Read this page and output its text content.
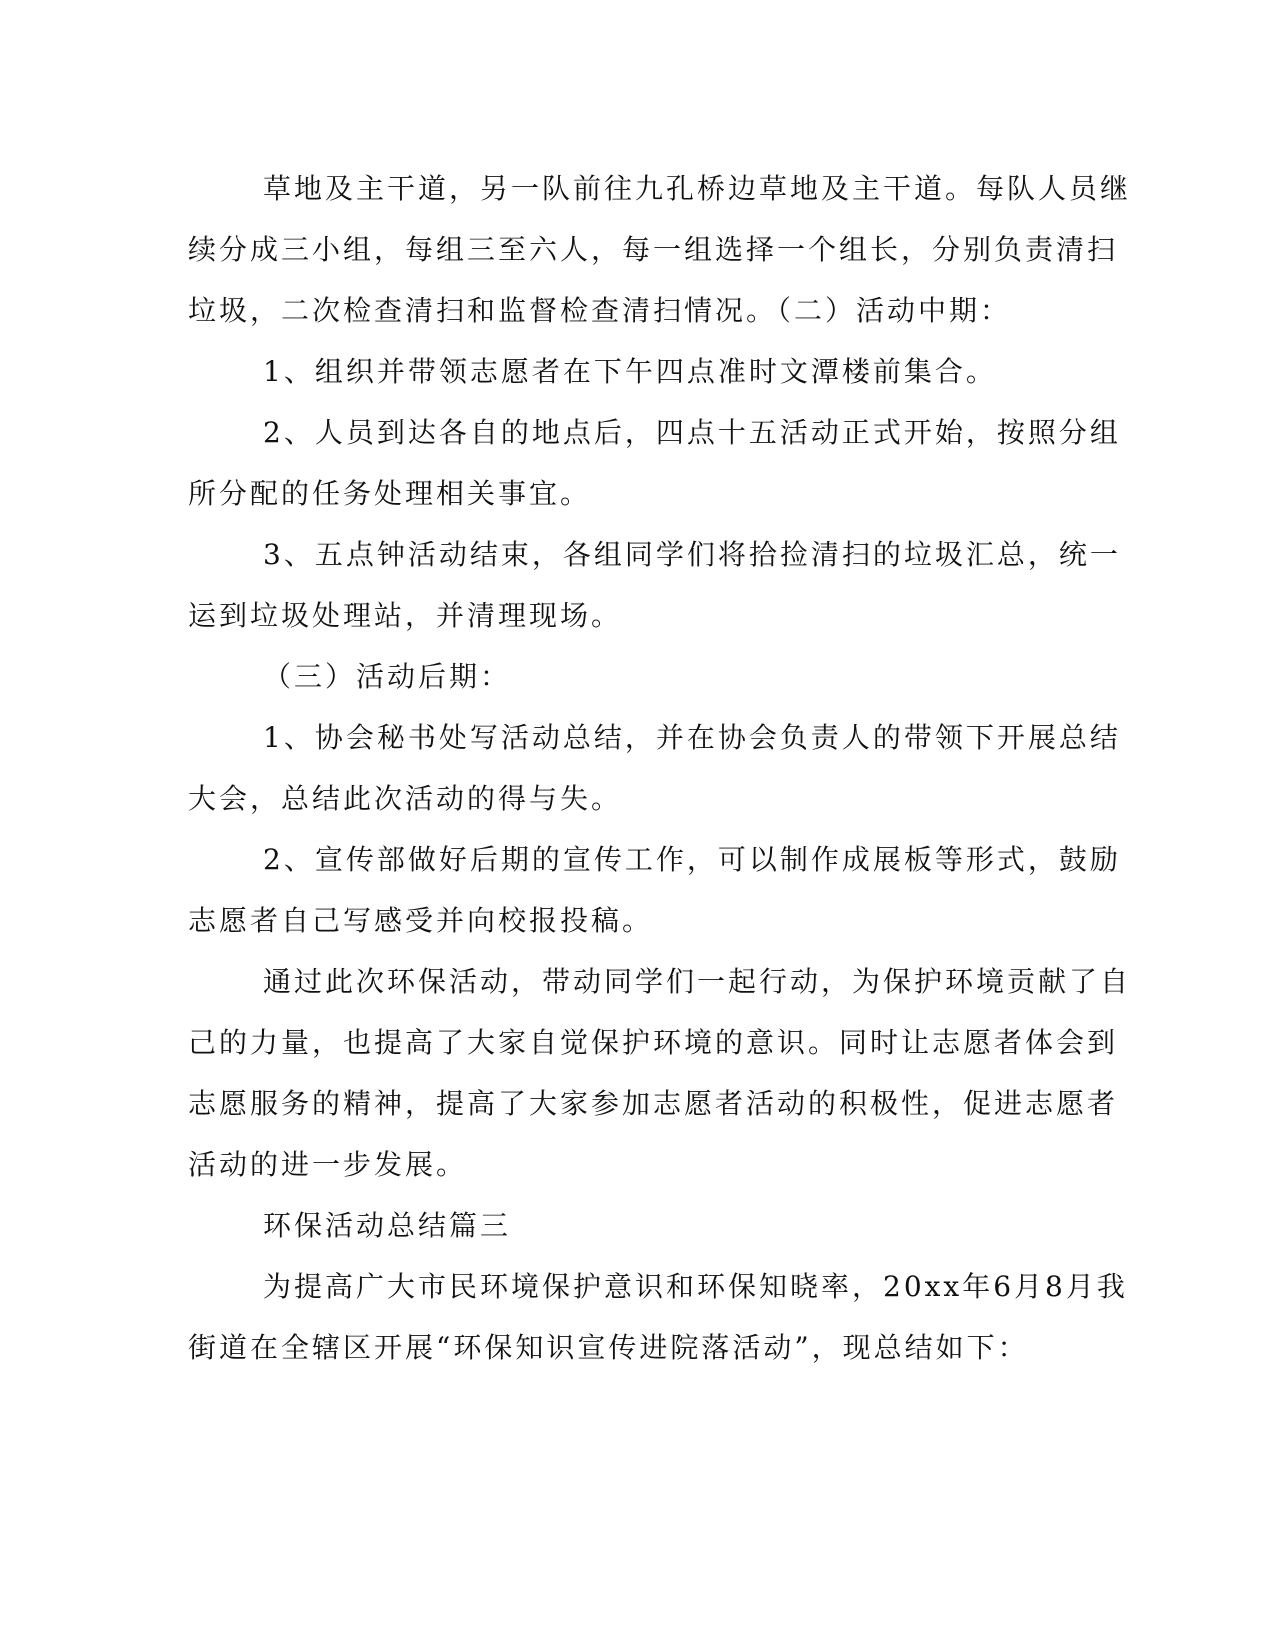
草地及主干道，另一队前往九孔桥边草地及主干道。每队人员继
续分成三小组，每组三至六人，每一组选择一个组长，分别负责清扫
垃圾，二次检查清扫和监督检查清扫情况。（二）活动中期：
1、组织并带领志愿者在下午四点准时文潭楼前集合。
2、人员到达各自的地点后，四点十五活动正式开始，按照分组
所分配的任务处理相关事宜。
3、五点钟活动结束，各组同学们将拾捡清扫的垃圾汇总，统一
运到垃圾处理站，并清理现场。
（三）活动后期：
1、协会秘书处写活动总结，并在协会负责人的带领下开展总结
大会，总结此次活动的得与失。
2、宣传部做好后期的宣传工作，可以制作成展板等形式，鼓励
志愿者自己写感受并向校报投稿。
通过此次环保活动，带动同学们一起行动，为保护环境贡献了自
己的力量，也提高了大家自觉保护环境的意识。同时让志愿者体会到
志愿服务的精神，提高了大家参加志愿者活动的积极性，促进志愿者
活动的进一步发展。
环保活动总结篇三
为提高广大市民环境保护意识和环保知晓率，20xx年6月8月我
街道在全辖区开展“环保知识宣传进院落活动”，现总结如下：
